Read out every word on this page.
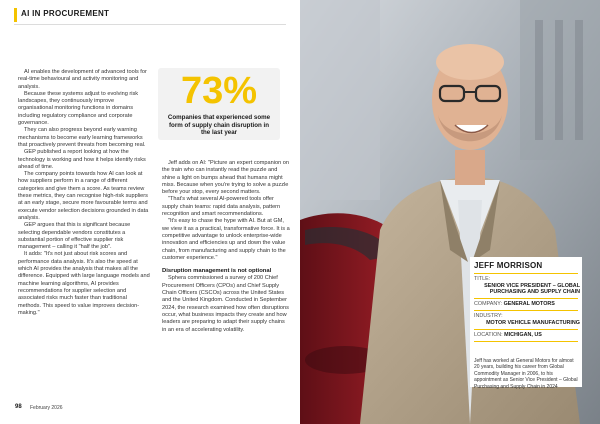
AI IN PROCUREMENT

AI enables the development of advanced tools for real-time behavioural and activity monitoring and analysis.

Because these systems adjust to evolving risk landscapes, they continuously improve organisational monitoring functions in domains including regulatory compliance and corporate governance.

They can also progress beyond early warning mechanisms to become early learning frameworks that proactively prevent threats from becoming real.

GEP published a report looking at how the technology is working and how it helps identify risks ahead of time.

The company points towards how AI can look at how suppliers perform in a range of different categories and give them a score. As teams review these metrics, they can recognise high-risk suppliers at an early stage, secure more favourable terms and execute vendor selection decisions grounded in data analysis.

GEP argues that this is significant because selecting dependable vendors constitutes a substantial portion of effective supplier risk management – calling it "half the job".

It adds: "It's not just about risk scores and performance data analysis. It's also the speed at which AI provides the analysis that makes all the difference. Equipped with large language models and machine learning algorithms, AI provides recommendations for supplier selection and associated risks much faster than traditional methods. This speed to value improves decision-making."

73%
Companies that experienced some form of supply chain disruption in the last year

Jeff adds on AI: "Picture an expert companion on the train who can instantly read the puzzle and shine a light on bumps ahead that humans might miss. Because when you're trying to solve a puzzle before your stop, every second matters.

"That's what several AI-powered tools offer supply chain teams: rapid data analysis, pattern recognition and smart recommendations.

"It's easy to chase the hype with AI. But at GM, we view it as a practical, transformative force. It is a competitive advantage to unlock enterprise-wide innovation and efficiencies up and down the value chain, from manufacturing and supply chain to the customer experience."

Disruption management is not optional

Sphera commissioned a survey of 200 Chief Procurement Officers (CPOs) and Chief Supply Chain Officers (CSCOs) across the United States and the United Kingdom. Conducted in September 2024, the research examined how often disruptions occur, what business impacts they create and how leaders are preparing to adapt their supply chains in an era of accelerating volatility.

98 February 2026
JEFF MORRISON
TITLE:
SENIOR VICE PRESIDENT – GLOBAL PURCHASING AND SUPPLY CHAIN
COMPANY: GENERAL MOTORS
INDUSTRY:
MOTOR VEHICLE MANUFACTURING
LOCATION: MICHIGAN, US
Jeff has worked at General Motors for almost 20 years, building his career from Global Commodity Manager in 2006, to his appointment as Senior Vice President – Global Purchasing and Supply Chain in 2024
